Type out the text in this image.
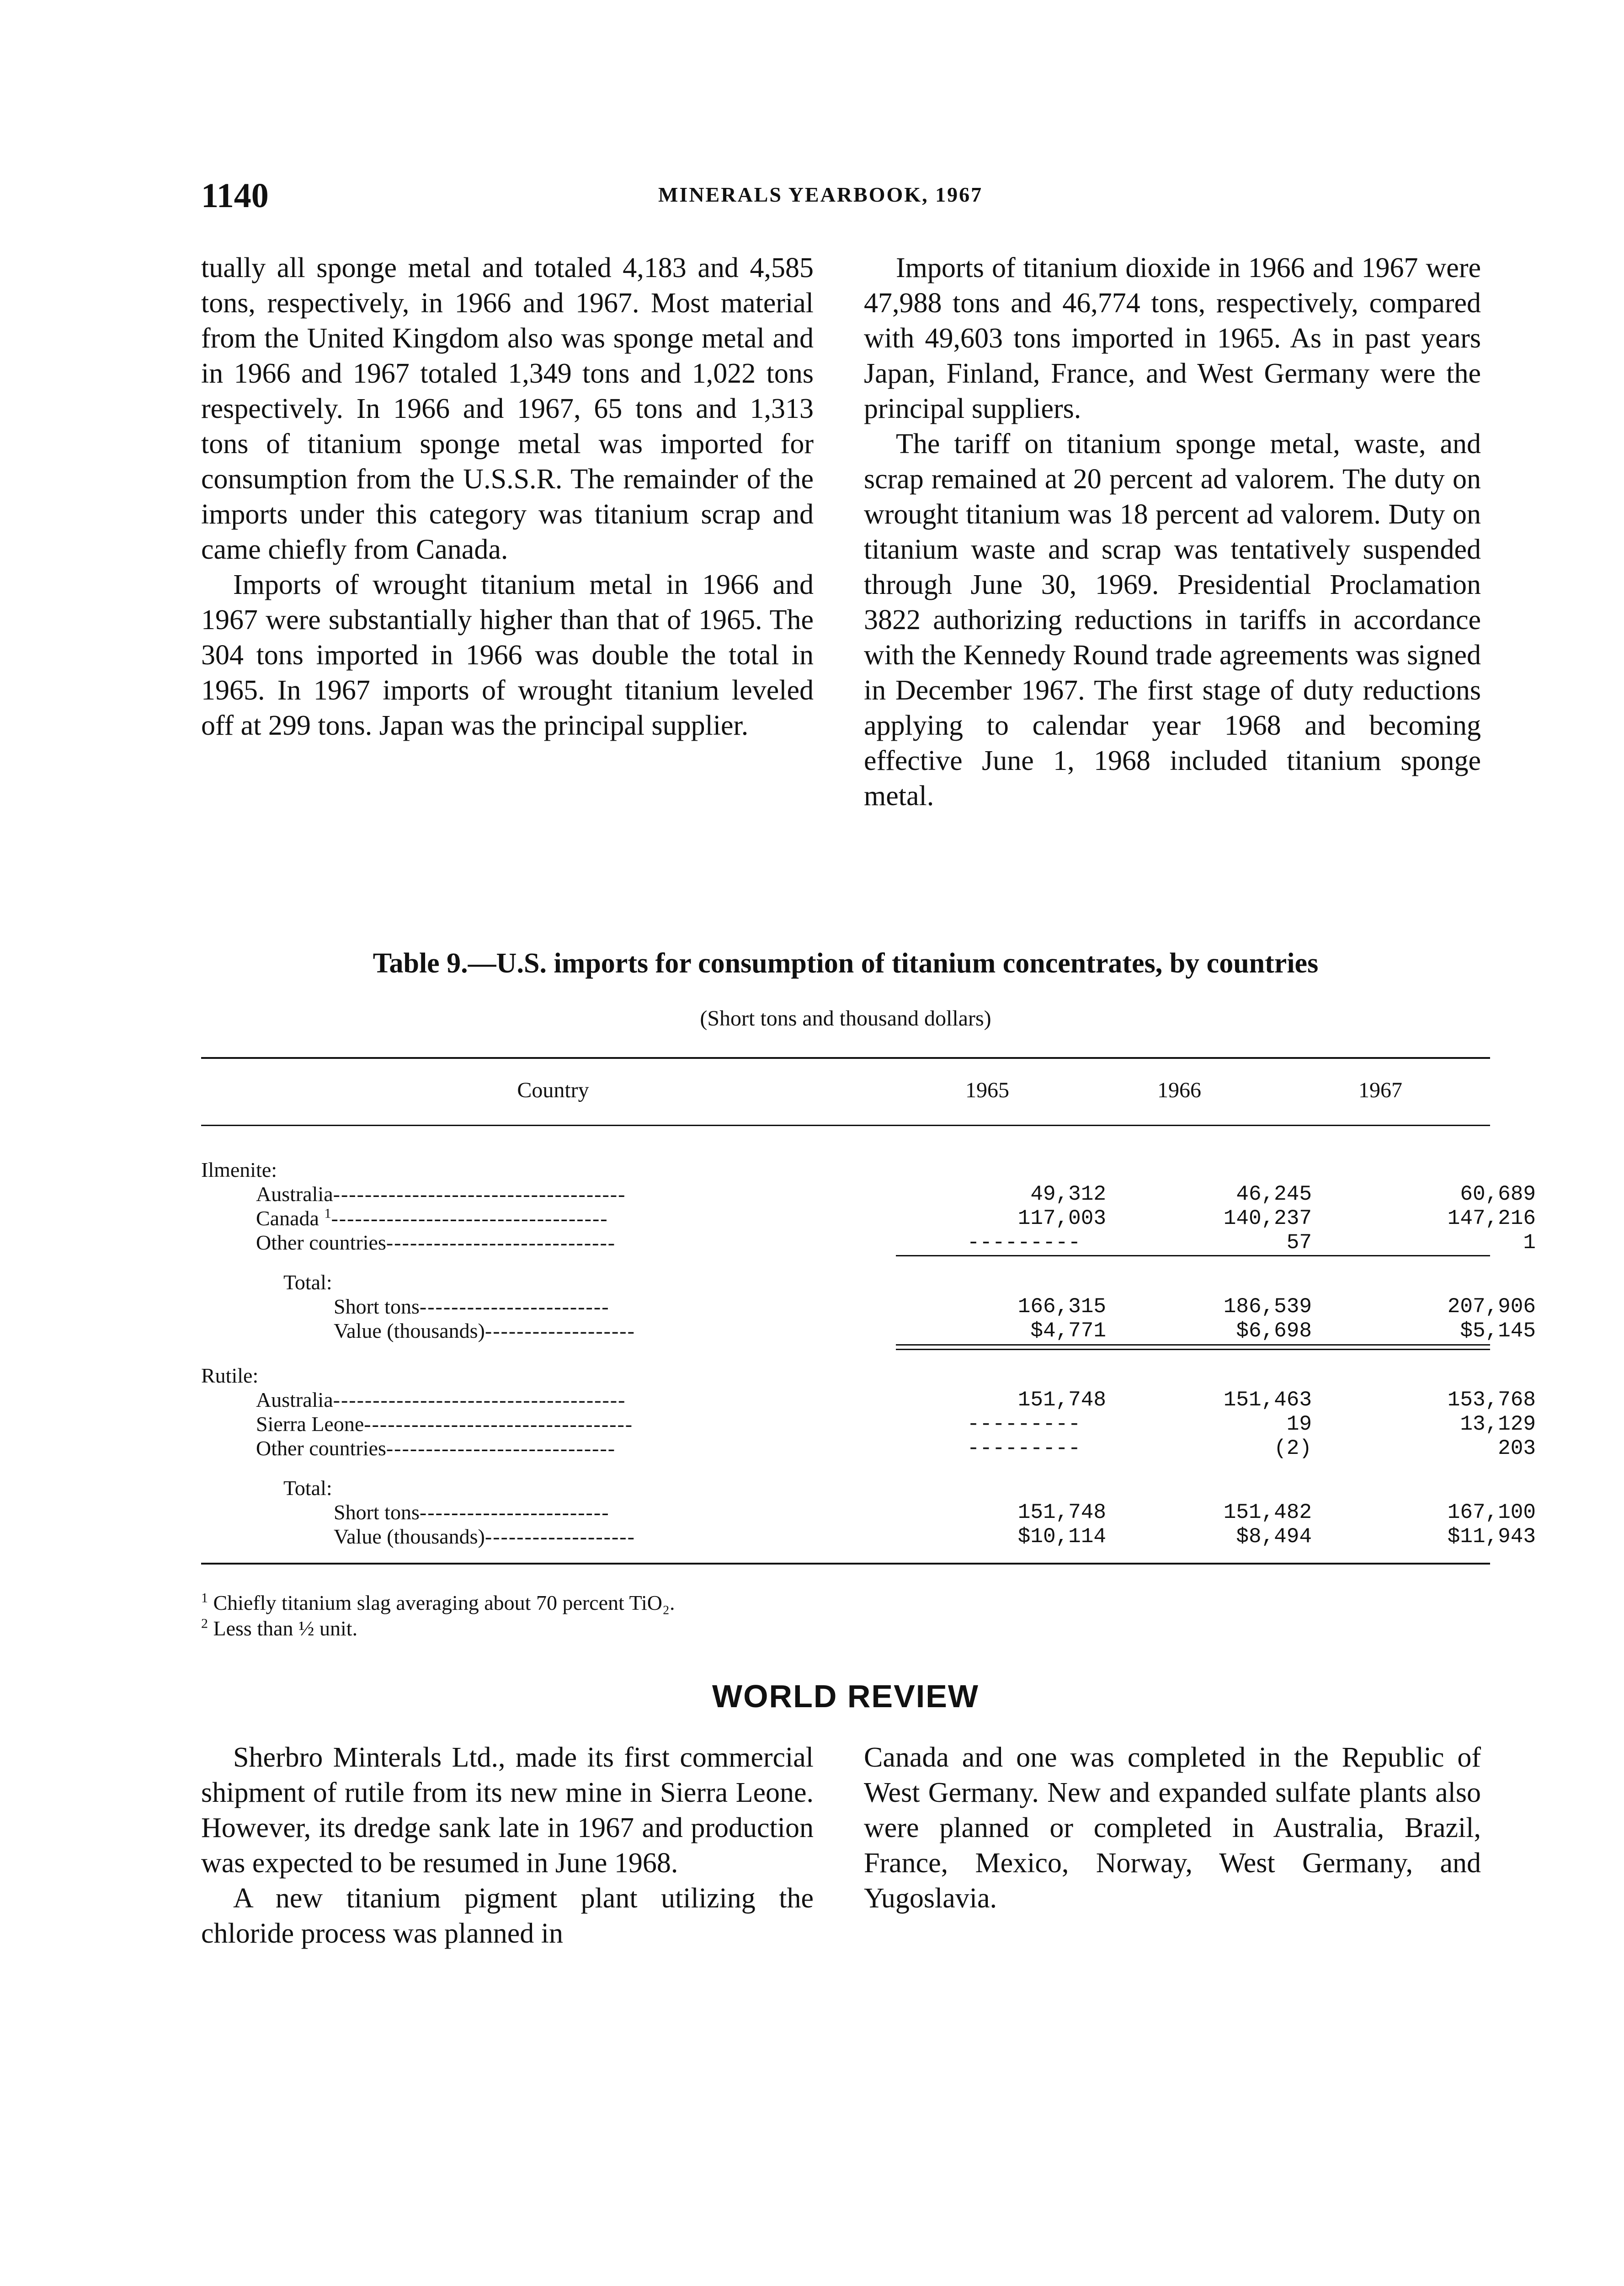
1140	MINERALS YEARBOOK, 1967

tually all sponge metal and totaled 4,183 and 4,585 tons, respectively, in 1966 and 1967. Most material from the United Kingdom also was sponge metal and in 1966 and 1967 totaled 1,349 tons and 1,022 tons respectively. In 1966 and 1967, 65 tons and 1,313 tons of titanium sponge metal was imported for consumption from the U.S.S.R. The remainder of the imports under this category was titanium scrap and came chiefly from Canada.

Imports of wrought titanium metal in 1966 and 1967 were substantially higher than that of 1965. The 304 tons imported in 1966 was double the total in 1965. In 1967 imports of wrought titanium leveled off at 299 tons. Japan was the principal supplier.

Imports of titanium dioxide in 1966 and 1967 were 47,988 tons and 46,774 tons, respectively, compared with 49,603 tons imported in 1965. As in past years Japan, Finland, France, and West Germany were the principal suppliers.

The tariff on titanium sponge metal, waste, and scrap remained at 20 percent ad valorem. The duty on wrought titanium was 18 percent ad valorem. Duty on titanium waste and scrap was tentatively suspended through June 30, 1969. Presidential Proclamation 3822 authorizing reductions in tariffs in accordance with the Kennedy Round trade agreements was signed in December 1967. The first stage of duty reductions applying to calendar year 1968 and becoming effective June 1, 1968 included titanium sponge metal.

Table 9.—U.S. imports for consumption of titanium concentrates, by countries
(Short tons and thousand dollars)
Country	1965	1966	1967
Ilmenite:
Australia-------------------------------------	49,312	46,245	60,689
Canada $^1$-----------------------------------	117,003	140,237	147,216
Other countries-----------------------------	---------	57	1
Total:
Short tons------------------------	166,315	186,539	207,906
Value (thousands)-------------------	$4,771	$6,698	$5,145
Rutile:
Australia-------------------------------------	151,748	151,463	153,768
Sierra Leone----------------------------------	---------	19	13,129
Other countries-----------------------------	---------	(2)	203
Total:
Short tons------------------------	151,748	151,482	167,100
Value (thousands)-------------------	$10,114	$8,494	$11,943

$^1$ Chiefly titanium slag averaging about 70 percent TiO₂.

$^2$ Less than ½ unit.

WORLD REVIEW

Sherbro Minterals Ltd., made its first commercial shipment of rutile from its new mine in Sierra Leone. However, its dredge sank late in 1967 and production was expected to be resumed in June 1968.

A new titanium pigment plant utilizing the chloride process was planned in

Canada and one was completed in the Republic of West Germany. New and expanded sulfate plants also were planned or completed in Australia, Brazil, France, Mexico, Norway, West Germany, and Yugoslavia.
